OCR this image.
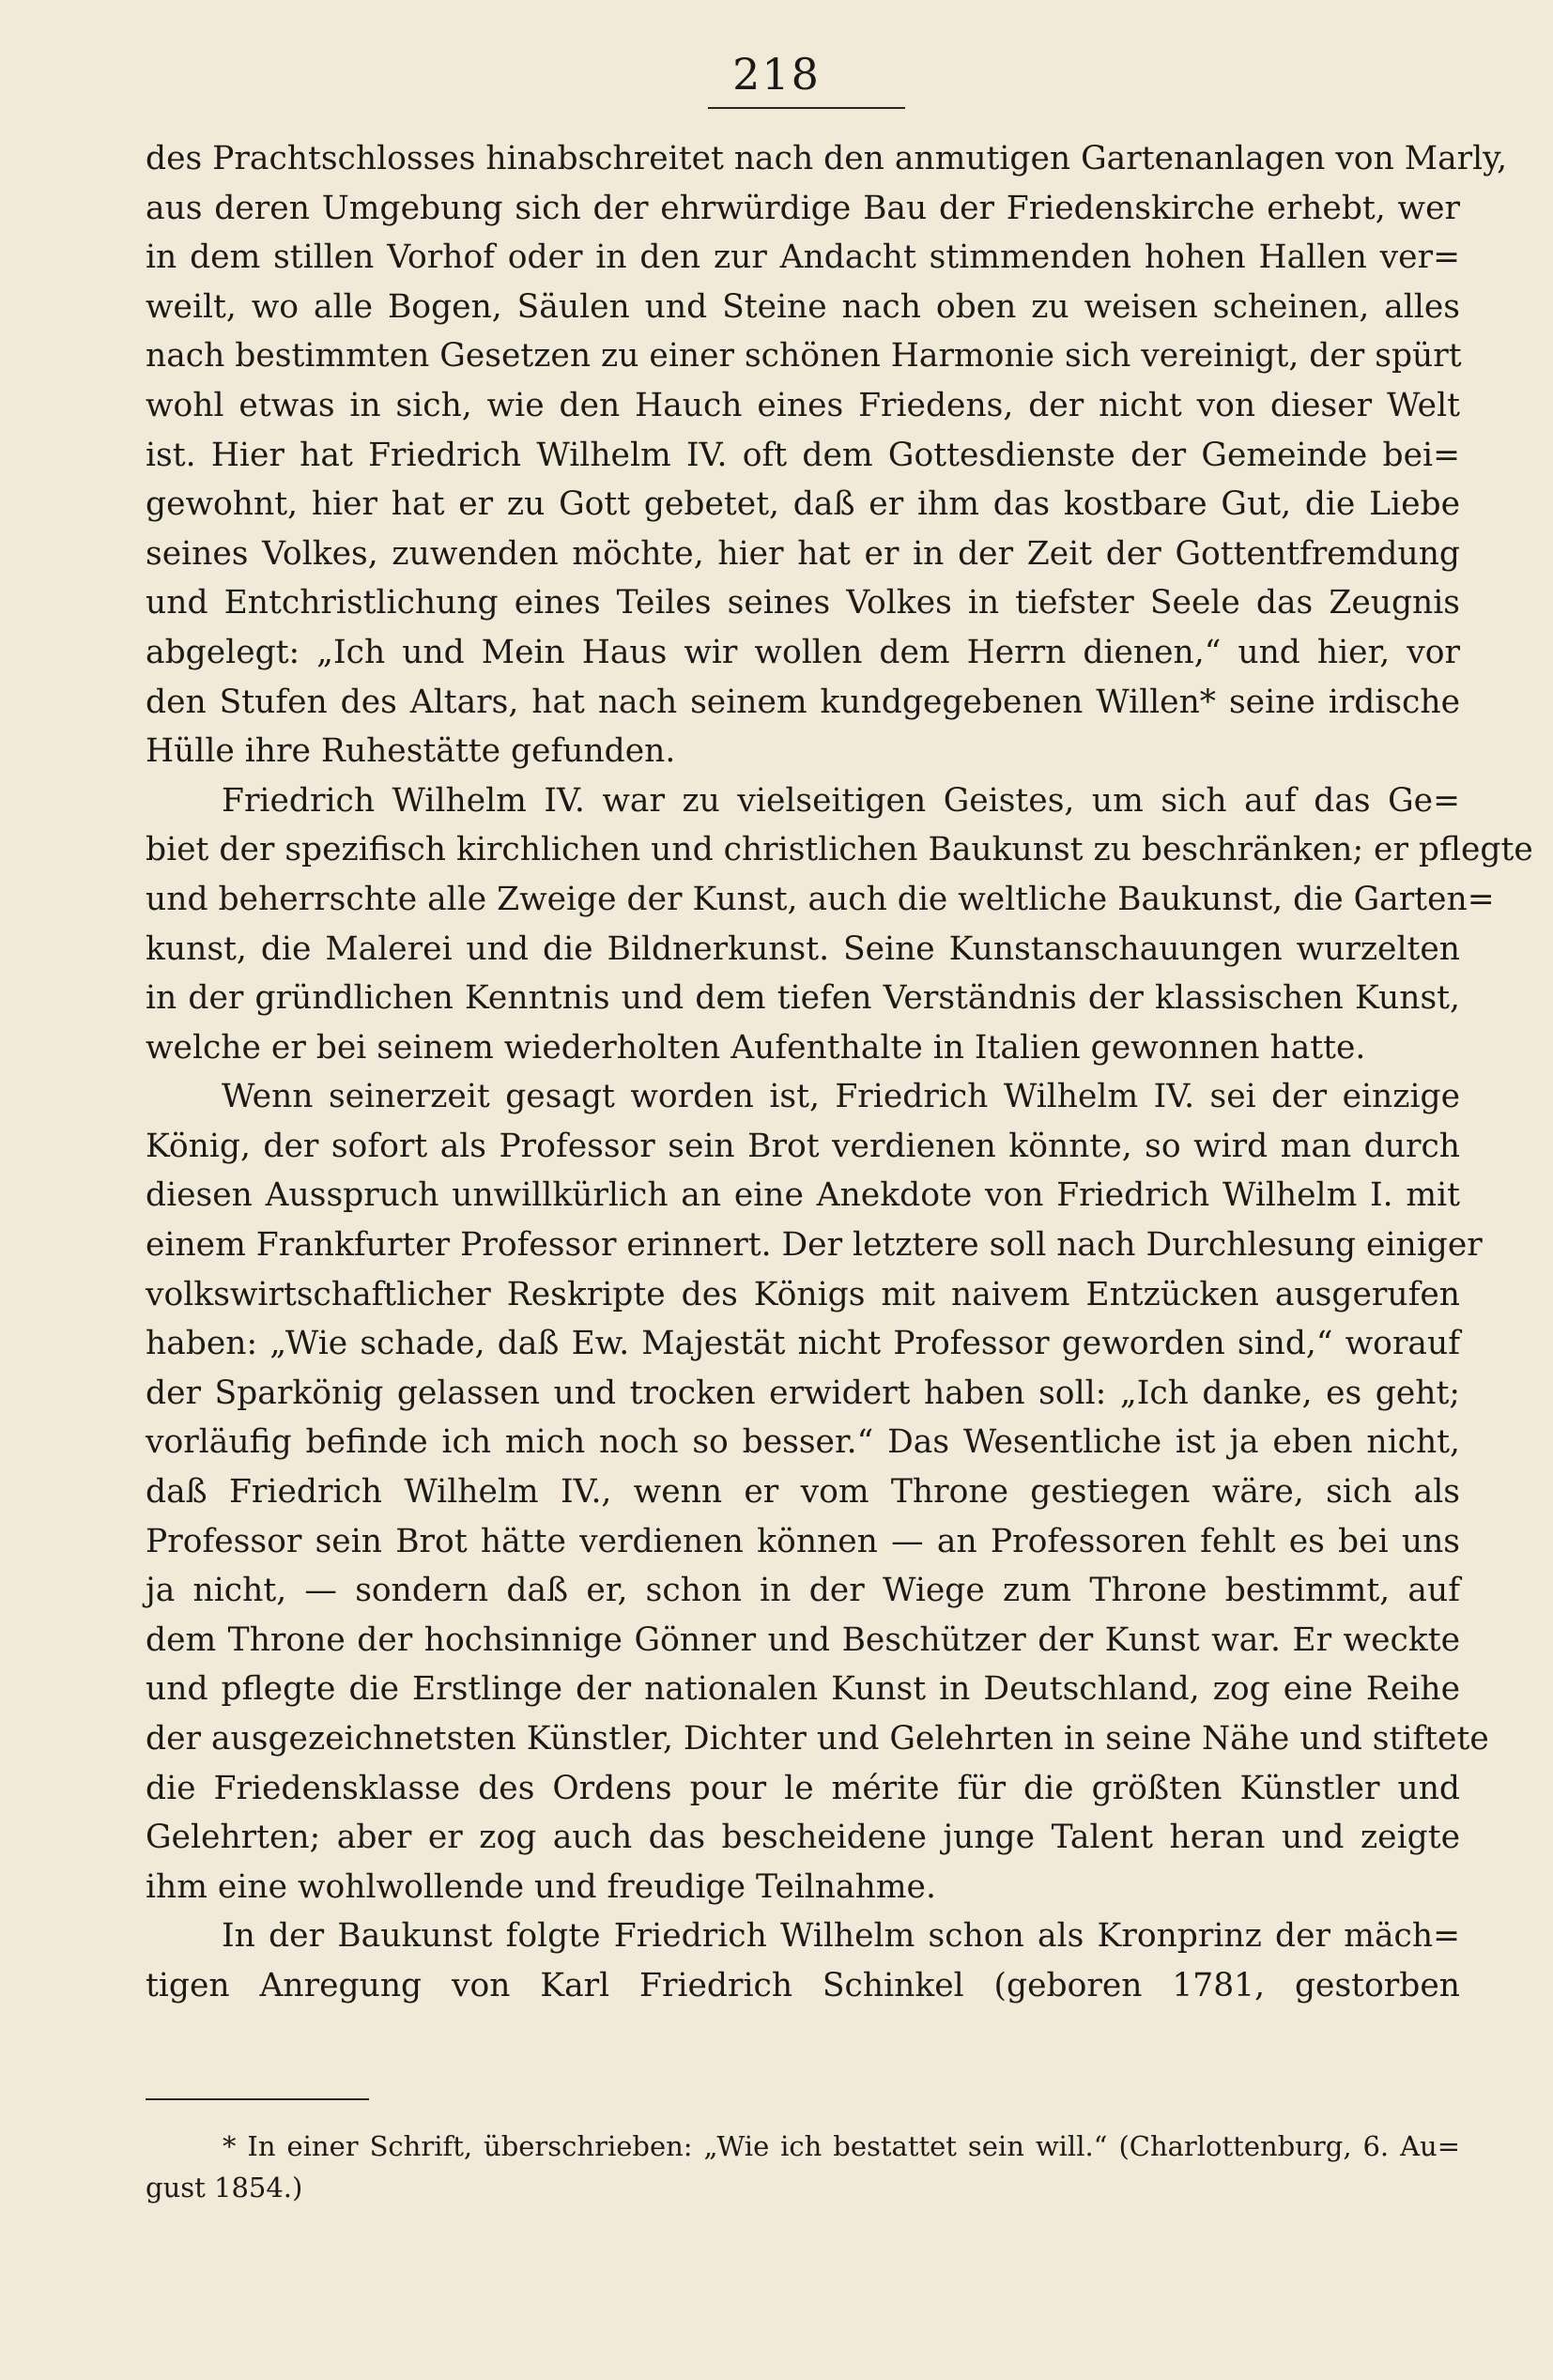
218
des Prachtschlosses hinabschreitet nach den anmutigen Gartenanlagen von Marly,
aus deren Umgebung sich der ehrwürdige Bau der Friedenskirche erhebt, wer
in dem stillen Vorhof oder in den zur Andacht stimmenden hohen Hallen ver=
weilt, wo alle Bogen, Säulen und Steine nach oben zu weisen scheinen, alles
nach bestimmten Gesetzen zu einer schönen Harmonie sich vereinigt, der spürt
wohl etwas in sich, wie den Hauch eines Friedens, der nicht von dieser Welt
ist. Hier hat Friedrich Wilhelm IV. oft dem Gottesdienste der Gemeinde bei=
gewohnt, hier hat er zu Gott gebetet, daß er ihm das kostbare Gut, die Liebe
seines Volkes, zuwenden möchte, hier hat er in der Zeit der Gottentfremdung
und Entchristlichung eines Teiles seines Volkes in tiefster Seele das Zeugnis
abgelegt: „Ich und Mein Haus wir wollen dem Herrn dienen,“ und hier, vor
den Stufen des Altars, hat nach seinem kundgegebenen Willen* seine irdische
Hülle ihre Ruhestätte gefunden.
Friedrich Wilhelm IV. war zu vielseitigen Geistes, um sich auf das Ge=
biet der spezifisch kirchlichen und christlichen Baukunst zu beschränken; er pflegte
und beherrschte alle Zweige der Kunst, auch die weltliche Baukunst, die Garten=
kunst, die Malerei und die Bildnerkunst. Seine Kunstanschauungen wurzelten
in der gründlichen Kenntnis und dem tiefen Verständnis der klassischen Kunst,
welche er bei seinem wiederholten Aufenthalte in Italien gewonnen hatte.
Wenn seinerzeit gesagt worden ist, Friedrich Wilhelm IV. sei der einzige
König, der sofort als Professor sein Brot verdienen könnte, so wird man durch
diesen Ausspruch unwillkürlich an eine Anekdote von Friedrich Wilhelm I. mit
einem Frankfurter Professor erinnert. Der letztere soll nach Durchlesung einiger
volkswirtschaftlicher Reskripte des Königs mit naivem Entzücken ausgerufen
haben: „Wie schade, daß Ew. Majestät nicht Professor geworden sind,“ worauf
der Sparkönig gelassen und trocken erwidert haben soll: „Ich danke, es geht;
vorläufig befinde ich mich noch so besser.“ Das Wesentliche ist ja eben nicht,
daß Friedrich Wilhelm IV., wenn er vom Throne gestiegen wäre, sich als
Professor sein Brot hätte verdienen können — an Professoren fehlt es bei uns
ja nicht, — sondern daß er, schon in der Wiege zum Throne bestimmt, auf
dem Throne der hochsinnige Gönner und Beschützer der Kunst war. Er weckte
und pflegte die Erstlinge der nationalen Kunst in Deutschland, zog eine Reihe
der ausgezeichnetsten Künstler, Dichter und Gelehrten in seine Nähe und stiftete
die Friedensklasse des Ordens pour le mérite für die größten Künstler und
Gelehrten; aber er zog auch das bescheidene junge Talent heran und zeigte
ihm eine wohlwollende und freudige Teilnahme.
In der Baukunst folgte Friedrich Wilhelm schon als Kronprinz der mäch=
tigen Anregung von Karl Friedrich Schinkel (geboren 1781, gestorben
* In einer Schrift, überschrieben: „Wie ich bestattet sein will.“ (Charlottenburg, 6. Au=
gust 1854.)
